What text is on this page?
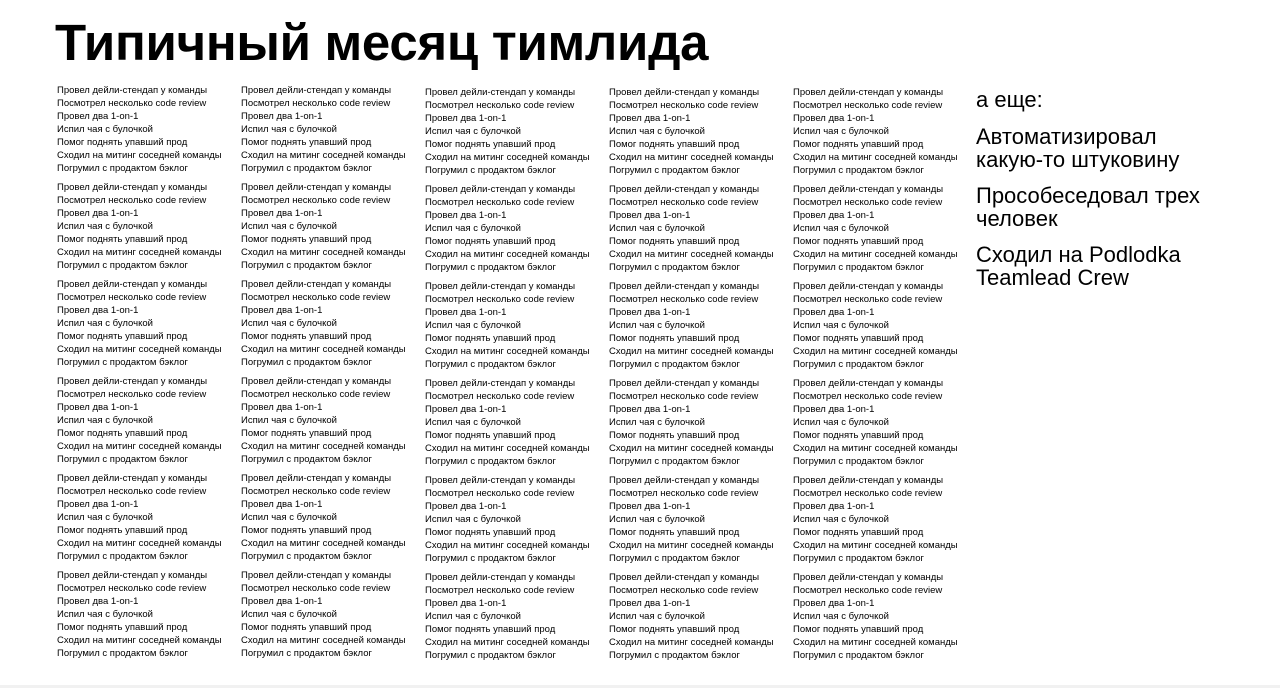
Типичный месяц тимлида
Провел дейли-стендап у команды
Посмотрел несколько code review
Провел два 1-on-1
Испил чая с булочкой
Помог поднять упавший прод
Сходил на митинг соседней команды
Погрумил с продактом бэклог
Провел дейли-стендап у команды
Посмотрел несколько code review
Провел два 1-on-1
Испил чая с булочкой
Помог поднять упавший прод
Сходил на митинг соседней команды
Погрумил с продактом бэклог
Провел дейли-стендап у команды
Посмотрел несколько code review
Провел два 1-on-1
Испил чая с булочкой
Помог поднять упавший прод
Сходил на митинг соседней команды
Погрумил с продактом бэклог
Провел дейли-стендап у команды
Посмотрел несколько code review
Провел два 1-on-1
Испил чая с булочкой
Помог поднять упавший прод
Сходил на митинг соседней команды
Погрумил с продактом бэклог
Провел дейли-стендап у команды
Посмотрел несколько code review
Провел два 1-on-1
Испил чая с булочкой
Помог поднять упавший прод
Сходил на митинг соседней команды
Погрумил с продактом бэклог
Провел дейли-стендап у команды
Посмотрел несколько code review
Провел два 1-on-1
Испил чая с булочкой
Помог поднять упавший прод
Сходил на митинг соседней команды
Погрумил с продактом бэклог
Провел дейли-стендап у команды
Посмотрел несколько code review
Провел два 1-on-1
Испил чая с булочкой
Помог поднять упавший прод
Сходил на митинг соседней команды
Погрумил с продактом бэклог
Провел дейли-стендап у команды
Посмотрел несколько code review
Провел два 1-on-1
Испил чая с булочкой
Помог поднять упавший прод
Сходил на митинг соседней команды
Погрумил с продактом бэклог
Провел дейли-стендап у команды
Посмотрел несколько code review
Провел два 1-on-1
Испил чая с булочкой
Помог поднять упавший прод
Сходил на митинг соседней команды
Погрумил с продактом бэклог
Провел дейли-стендап у команды
Посмотрел несколько code review
Провел два 1-on-1
Испил чая с булочкой
Помог поднять упавший прод
Сходил на митинг соседней команды
Погрумил с продактом бэклог
Провел дейли-стендап у команды
Посмотрел несколько code review
Провел два 1-on-1
Испил чая с булочкой
Помог поднять упавший прод
Сходил на митинг соседней команды
Погрумил с продактом бэклог
Провел дейли-стендап у команды
Посмотрел несколько code review
Провел два 1-on-1
Испил чая с булочкой
Помог поднять упавший прод
Сходил на митинг соседней команды
Погрумил с продактом бэклог
Провел дейли-стендап у команды
Посмотрел несколько code review
Провел два 1-on-1
Испил чая с булочкой
Помог поднять упавший прод
Сходил на митинг соседней команды
Погрумил с продактом бэклог
Провел дейли-стендап у команды
Посмотрел несколько code review
Провел два 1-on-1
Испил чая с булочкой
Помог поднять упавший прод
Сходил на митинг соседней команды
Погрумил с продактом бэклог
Провел дейли-стендап у команды
Посмотрел несколько code review
Провел два 1-on-1
Испил чая с булочкой
Помог поднять упавший прод
Сходил на митинг соседней команды
Погрумил с продактом бэклог
Провел дейли-стендап у команды
Посмотрел несколько code review
Провел два 1-on-1
Испил чая с булочкой
Помог поднять упавший прод
Сходил на митинг соседней команды
Погрумил с продактом бэклог
Провел дейли-стендап у команды
Посмотрел несколько code review
Провел два 1-on-1
Испил чая с булочкой
Помог поднять упавший прод
Сходил на митинг соседней команды
Погрумил с продактом бэклог
Провел дейли-стендап у команды
Посмотрел несколько code review
Провел два 1-on-1
Испил чая с булочкой
Помог поднять упавший прод
Сходил на митинг соседней команды
Погрумил с продактом бэклог
Провел дейли-стендап у команды
Посмотрел несколько code review
Провел два 1-on-1
Испил чая с булочкой
Помог поднять упавший прод
Сходил на митинг соседней команды
Погрумил с продактом бэклог
Провел дейли-стендап у команды
Посмотрел несколько code review
Провел два 1-on-1
Испил чая с булочкой
Помог поднять упавший прод
Сходил на митинг соседней команды
Погрумил с продактом бэклог
Провел дейли-стендап у команды
Посмотрел несколько code review
Провел два 1-on-1
Испил чая с булочкой
Помог поднять упавший прод
Сходил на митинг соседней команды
Погрумил с продактом бэклог
Провел дейли-стендап у команды
Посмотрел несколько code review
Провел два 1-on-1
Испил чая с булочкой
Помог поднять упавший прод
Сходил на митинг соседней команды
Погрумил с продактом бэклог
Провел дейли-стендап у команды
Посмотрел несколько code review
Провел два 1-on-1
Испил чая с булочкой
Помог поднять упавший прод
Сходил на митинг соседней команды
Погрумил с продактом бэклог
Провел дейли-стендап у команды
Посмотрел несколько code review
Провел два 1-on-1
Испил чая с булочкой
Помог поднять упавший прод
Сходил на митинг соседней команды
Погрумил с продактом бэклог
Провел дейли-стендап у команды
Посмотрел несколько code review
Провел два 1-on-1
Испил чая с булочкой
Помог поднять упавший прод
Сходил на митинг соседней команды
Погрумил с продактом бэклог
Провел дейли-стендап у команды
Посмотрел несколько code review
Провел два 1-on-1
Испил чая с булочкой
Помог поднять упавший прод
Сходил на митинг соседней команды
Погрумил с продактом бэклог
Провел дейли-стендап у команды
Посмотрел несколько code review
Провел два 1-on-1
Испил чая с булочкой
Помог поднять упавший прод
Сходил на митинг соседней команды
Погрумил с продактом бэклог
Провел дейли-стендап у команды
Посмотрел несколько code review
Провел два 1-on-1
Испил чая с булочкой
Помог поднять упавший прод
Сходил на митинг соседней команды
Погрумил с продактом бэклог
Провел дейли-стендап у команды
Посмотрел несколько code review
Провел два 1-on-1
Испил чая с булочкой
Помог поднять упавший прод
Сходил на митинг соседней команды
Погрумил с продактом бэклог
Провел дейли-стендап у команды
Посмотрел несколько code review
Провел два 1-on-1
Испил чая с булочкой
Помог поднять упавший прод
Сходил на митинг соседней команды
Погрумил с продактом бэклог
а еще:
Автоматизировал какую-то штуковину
Прособеседовал трех человек
Сходил на Podlodka Teamlead Crew
